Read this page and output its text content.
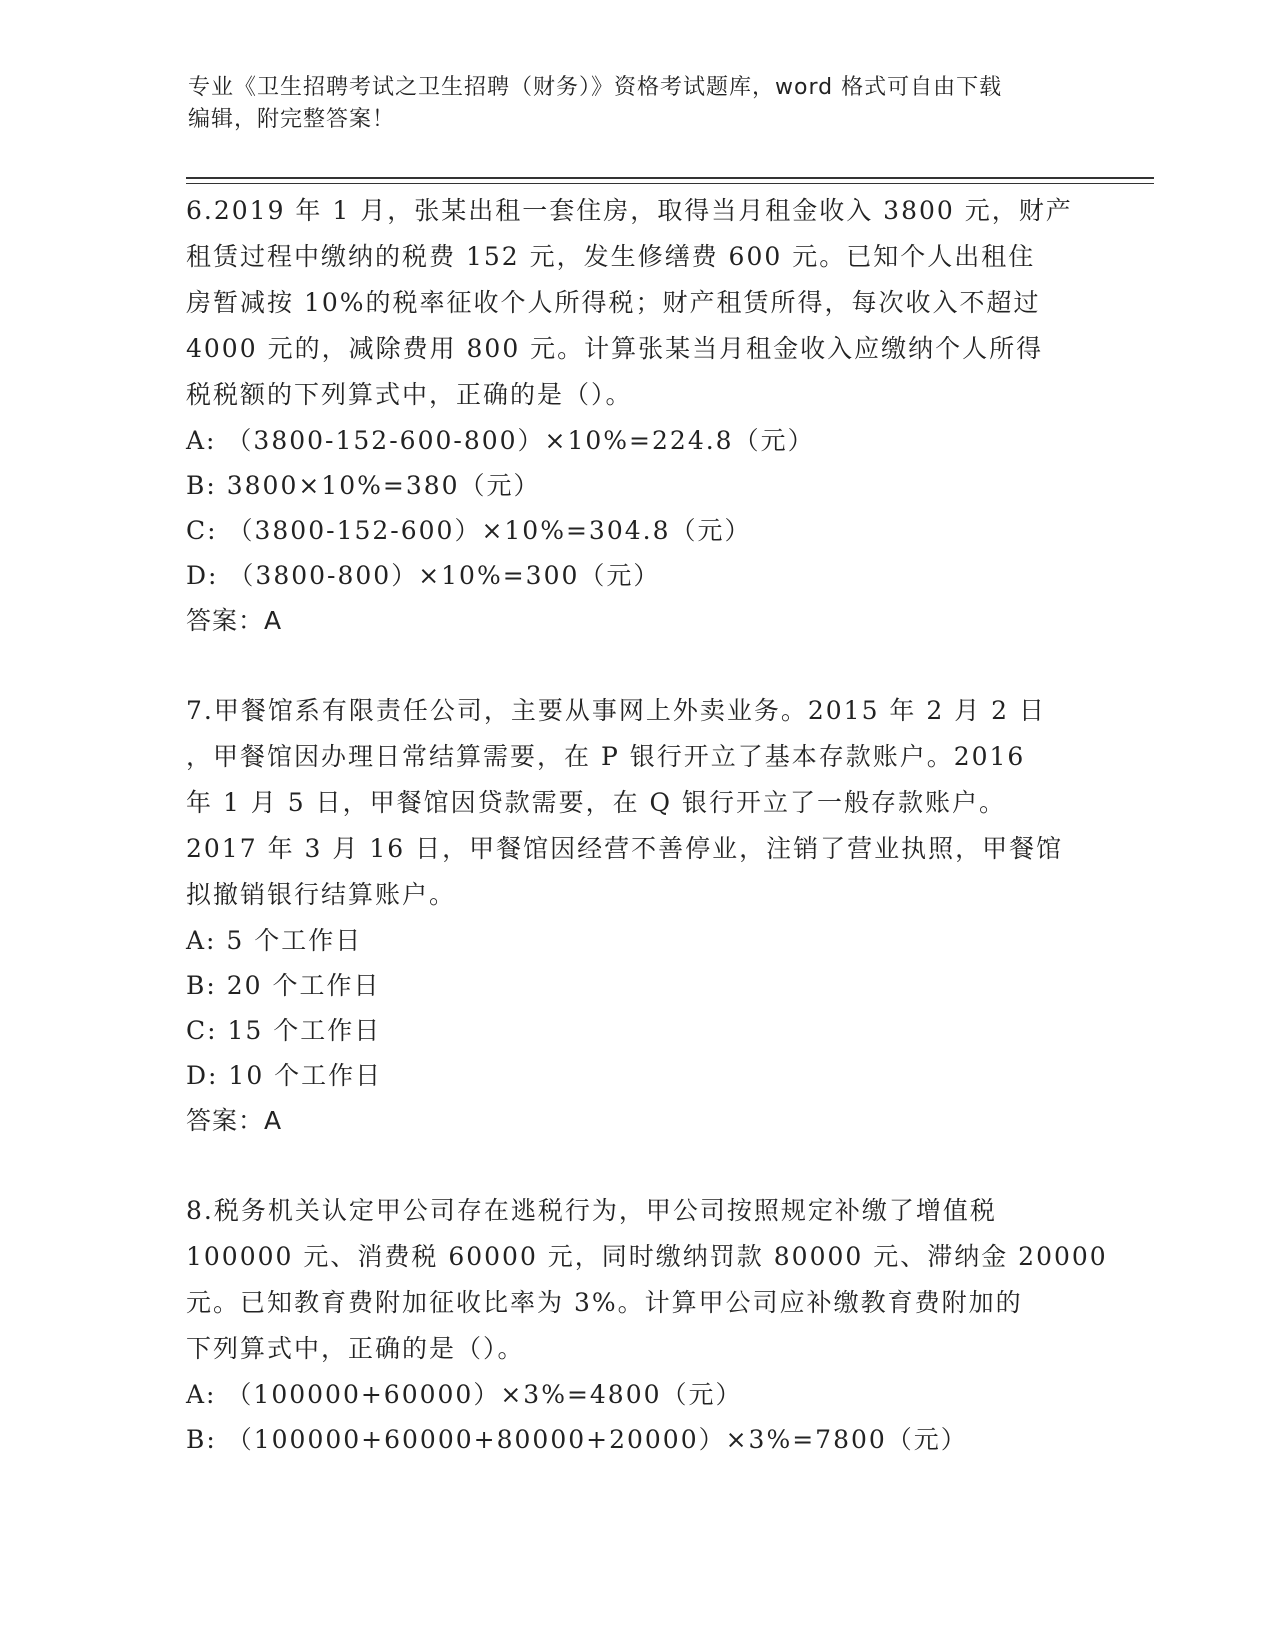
专业《卫生招聘考试之卫生招聘（财务）》资格考试题库，word 格式可自由下载
编辑，附完整答案！
6.2019 年 1 月，张某出租一套住房，取得当月租金收入 3800 元，财产
租赁过程中缴纳的税费 152 元，发生修缮费 600 元。已知个人出租住
房暂减按 10%的税率征收个人所得税；财产租赁所得，每次收入不超过
4000 元的，减除费用 800 元。计算张某当月租金收入应缴纳个人所得
税税额的下列算式中，正确的是（）。
A: （3800-152-600-800）×10%=224.8（元）
B: 3800×10%=380（元）
C: （3800-152-600）×10%=304.8（元）
D: （3800-800）×10%=300（元）
答案：A
7.甲餐馆系有限责任公司，主要从事网上外卖业务。2015 年 2 月 2 日
，甲餐馆因办理日常结算需要，在 P 银行开立了基本存款账户。2016
年 1 月 5 日，甲餐馆因贷款需要，在 Q 银行开立了一般存款账户。
2017 年 3 月 16 日，甲餐馆因经营不善停业，注销了营业执照，甲餐馆
拟撤销银行结算账户。
A: 5 个工作日
B: 20 个工作日
C: 15 个工作日
D: 10 个工作日
答案：A
8.税务机关认定甲公司存在逃税行为，甲公司按照规定补缴了增值税
100000 元、消费税 60000 元，同时缴纳罚款 80000 元、滞纳金 20000
元。已知教育费附加征收比率为 3%。计算甲公司应补缴教育费附加的
下列算式中，正确的是（）。
A: （100000+60000）×3%=4800（元）
B: （100000+60000+80000+20000）×3%=7800（元）
